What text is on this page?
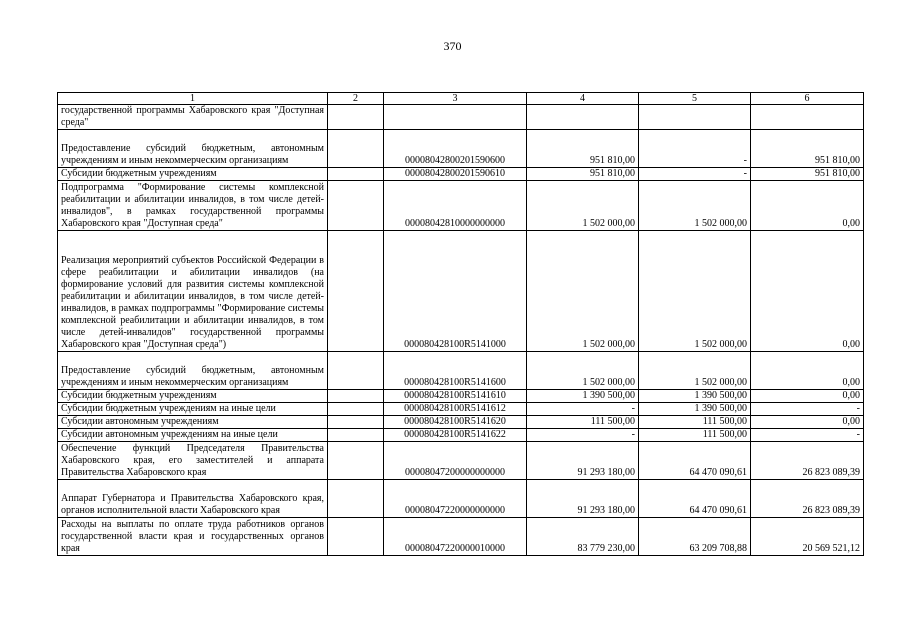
370
1	2	3	4	5	6
государственной программы Хабаровского края "Доступная среда"					
Предоставление субсидий бюджетным, автономным учреждениям и иным некоммерческим организациям		00008042800201590600	951 810,00	-	951 810,00
Субсидии бюджетным учреждениям		00008042800201590610	951 810,00	-	951 810,00
Подпрограмма "Формирование системы комплексной реабилитации и абилитации инвалидов, в том числе детей-инвалидов", в рамках государственной программы Хабаровского края "Доступная среда"		00008042810000000000	1 502 000,00	1 502 000,00	0,00
Реализация мероприятий субъектов Российской Федерации в сфере реабилитации и абилитации инвалидов (на формирование условий для развития системы комплексной реабилитации и абилитации инвалидов, в том числе детей-инвалидов, в рамках подпрограммы "Формирование системы комплексной реабилитации и абилитации инвалидов, в том числе детей-инвалидов" государственной программы Хабаровского края "Доступная среда")		000080428100R5141000	1 502 000,00	1 502 000,00	0,00
Предоставление субсидий бюджетным, автономным учреждениям и иным некоммерческим организациям		000080428100R5141600	1 502 000,00	1 502 000,00	0,00
Субсидии бюджетным учреждениям		000080428100R5141610	1 390 500,00	1 390 500,00	0,00
Субсидии бюджетным учреждениям на иные цели		000080428100R5141612	-	1 390 500,00	-
Субсидии автономным учреждениям		000080428100R5141620	111 500,00	111 500,00	0,00
Субсидии автономным учреждениям на иные цели		000080428100R5141622	-	111 500,00	-
Обеспечение функций Председателя Правительства Хабаровского края, его заместителей и аппарата Правительства Хабаровского края		00008047200000000000	91 293 180,00	64 470 090,61	26 823 089,39
Аппарат Губернатора и Правительства Хабаровского края, органов исполнительной власти Хабаровского края		00008047220000000000	91 293 180,00	64 470 090,61	26 823 089,39
Расходы на выплаты по оплате труда работников органов государственной власти края и государственных органов края		00008047220000010000	83 779 230,00	63 209 708,88	20 569 521,12
